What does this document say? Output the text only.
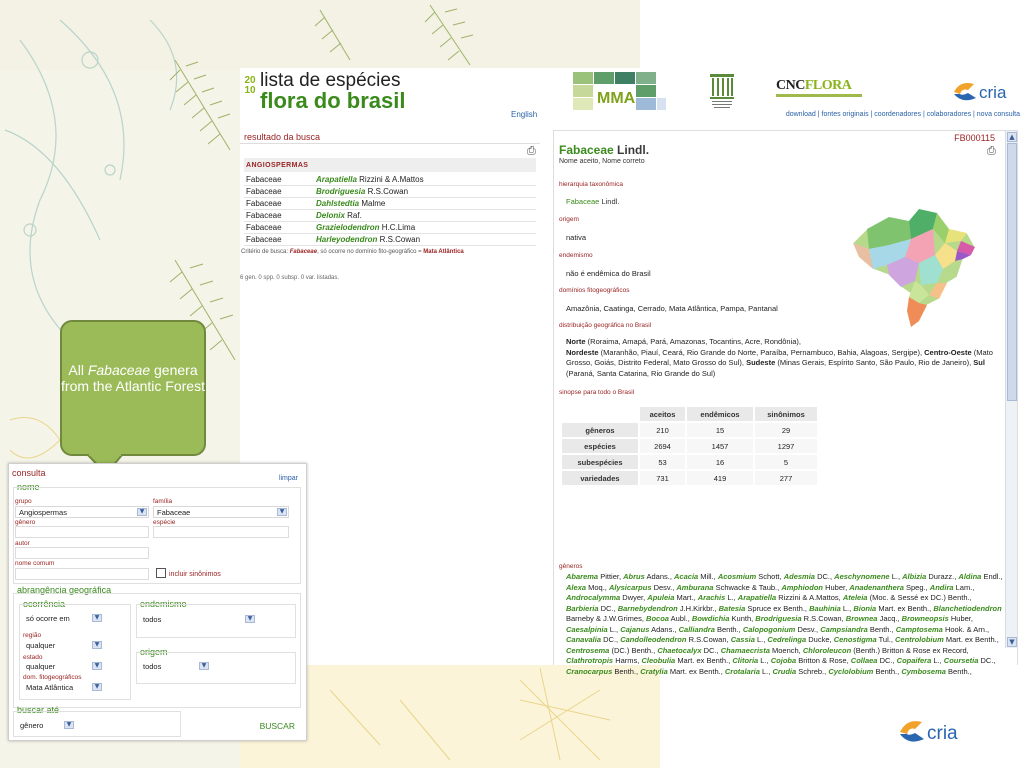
2010 lista de espécies
flora do brasil
English
MMA
CNCFLORA	cria
download | fontes originais | coordenadores | colaboradores | nova consulta
resultado da busca
⎙
ANGIOSPERMAS
Fabaceae	Arapatiella Rizzini & A.Mattos
Fabaceae	Brodriguesia R.S.Cowan
Fabaceae	Dahlstedtia Malme
Fabaceae	Delonix Raf.
Fabaceae	Grazielodendron H.C.Lima
Fabaceae	Harleyodendron R.S.Cowan
Critério de busca: Fabaceae, só ocorre no domínio fito-geográfico = Mata Atlântica
6 gen. 0 spp. 0 subsp. 0 var. listadas.
FB000115
⎙
Fabaceae Lindl.
Nome aceito, Nome correto
hierarquia taxonômica
Fabaceae Lindl.
origem
nativa
endemismo
não é endêmica do Brasil
domínios fitogeográficos
Amazônia, Caatinga, Cerrado, Mata Atlântica, Pampa, Pantanal
distribuição geográfica no Brasil
Norte (Roraima, Amapá, Pará, Amazonas, Tocantins, Acre, Rondônia),
Nordeste (Maranhão, Piauí, Ceará, Rio Grande do Norte, Paraíba, Pernambuco, Bahia, Alagoas, Sergipe), Centro-Oeste (Mato Grosso, Goiás, Distrito Federal, Mato Grosso do Sul), Sudeste (Minas Gerais, Espírito Santo, São Paulo, Rio de Janeiro), Sul (Paraná, Santa Catarina, Rio Grande do Sul)
sinopse para todo o Brasil
	aceitos	endêmicos	sinônimos
gêneros	210	15	29
espécies	2694	1457	1297
subespécies	53	16	5
variedades	731	419	277
gêneros
Abarema Pittier, Abrus Adans., Acacia Mill., Acosmium Schott, Adesmia DC., Aeschynomene L., Albizia Durazz., Aldina Endl., Alexa Moq., Alysicarpus Desv., Amburana Schwacke & Taub., Amphiodon Huber, Anadenanthera Speg., Andira Lam., Androcalymma Dwyer, Apuleia Mart., Arachis L., Arapatiella Rizzini & A.Mattos, Ateleia (Moc. & Sessé ex DC.) Benth., Barbieria DC., Barnebydendron J.H.Kirkbr., Batesia Spruce ex Benth., Bauhinia L., Bionia Mart. ex Benth., Blanchetiodendron Barneby & J.W.Grimes, Bocoa Aubl., Bowdichia Kunth, Brodriguesia R.S.Cowan, Brownea Jacq., Browneopsis Huber, Caesalpinia L., Cajanus Adans., Calliandra Benth., Calopogonium Desv., Campsiandra Benth., Camptosema Hook. & Arn., Canavalia DC., Candolleodendron R.S.Cowan, Cassia L., Cedrelinga Ducke, Cenostigma Tul., Centrolobium Mart. ex Benth., Centrosema (DC.) Benth., Chaetocalyx DC., Chamaecrista Moench, Chloroleucon (Benth.) Britton & Rose ex Record, Clathrotropis Harms, Cleobulia Mart. ex Benth., Clitoria L., Cojoba Britton & Rose, Collaea DC., Copaifera L., Coursetia DC., Cranocarpus Benth., Cratylia Mart. ex Benth., Crotalaria L., Crudia Schreb., Cyclolobium Benth., Cymbosema Benth.,
▲
▼
All Fabaceae genera from the Atlantic Forest
consulta
limpar
nome
grupo
Angiospermas	▼
família
Fabaceae	▼
gênero	espécie
autor
nome comum
incluir sinônimos
abrangência geográfica
ocorrência
só ocorre em	▼
região
qualquer	▼
estado
qualquer	▼
dom. fitogeográficos
Mata Atlântica	▼
endemismo
todos	▼
origem
todos	▼
buscar até
gênero	▼	BUSCAR	cria
